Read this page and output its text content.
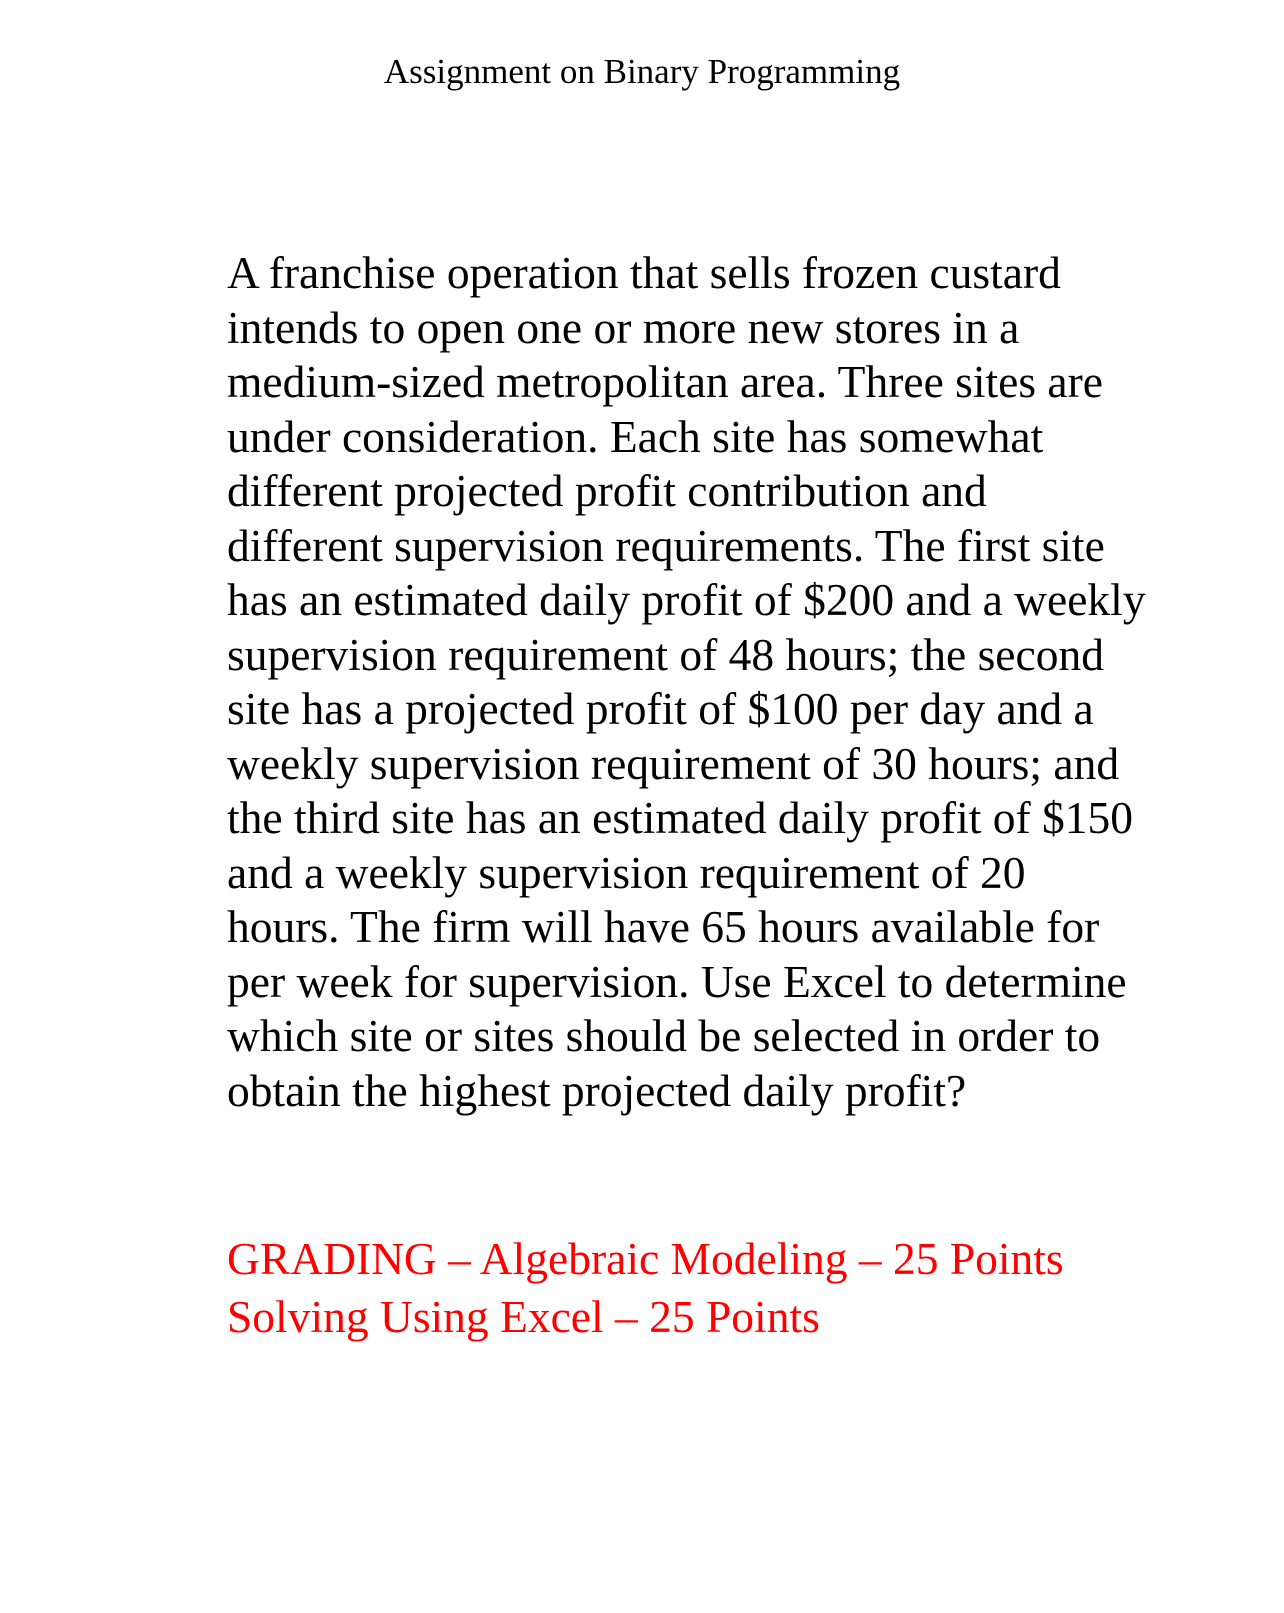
Assignment on Binary Programming

A franchise operation that sells frozen custard intends to open one or more new stores in a medium-sized metropolitan area. Three sites are under consideration. Each site has somewhat different projected profit contribution and different supervision requirements. The first site has an estimated daily profit of $200 and a weekly supervision requirement of 48 hours; the second site has a projected profit of $100 per day and a weekly supervision requirement of 30 hours; and the third site has an estimated daily profit of $150 and a weekly supervision requirement of 20 hours. The firm will have 65 hours available for per week for supervision. Use Excel to determine which site or sites should be selected in order to obtain the highest projected daily profit?

GRADING – Algebraic Modeling – 25 Points
Solving Using Excel – 25 Points
